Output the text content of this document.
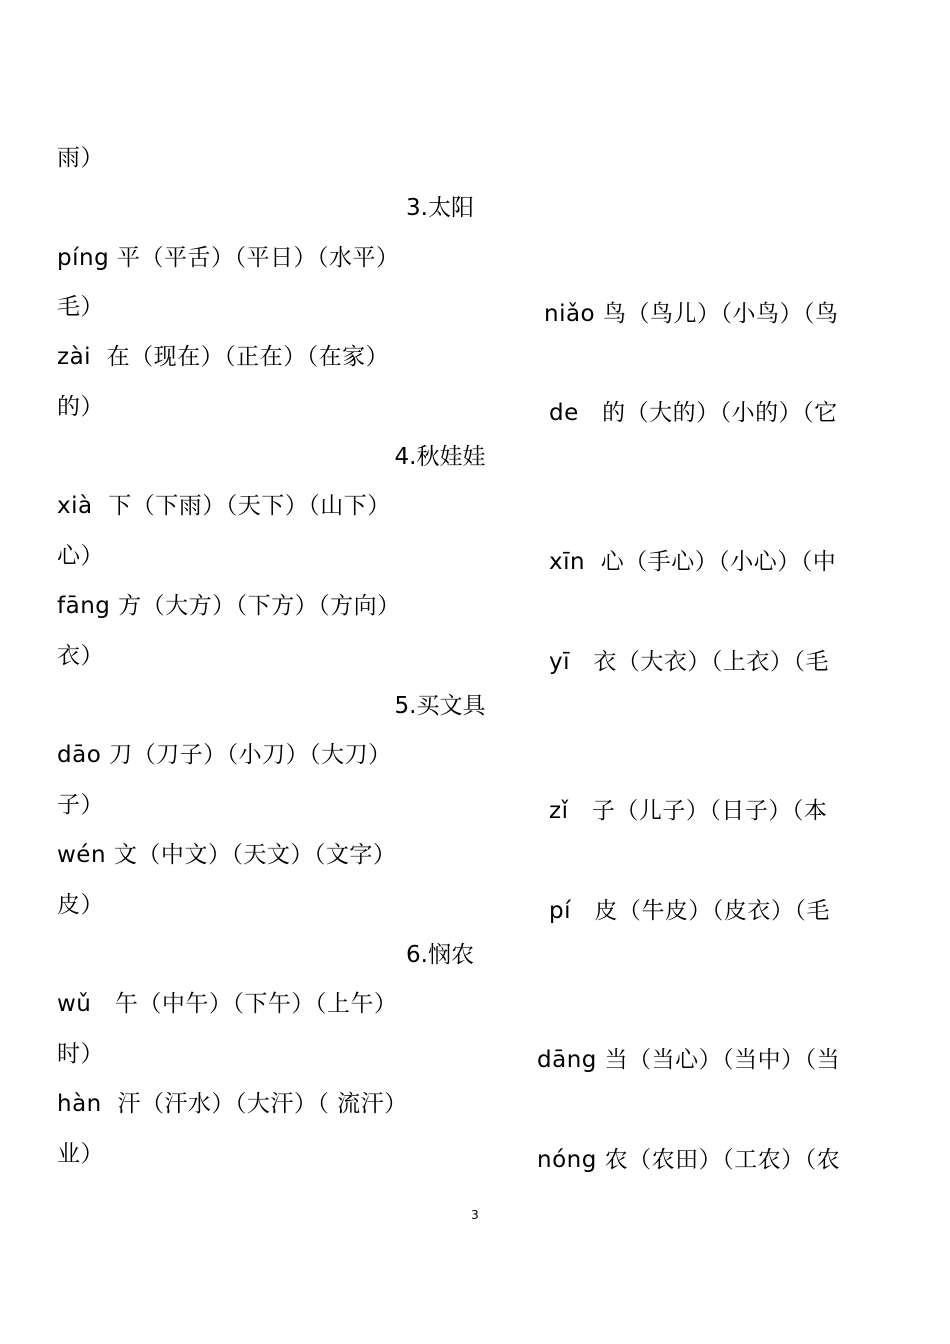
雨）
3.太阳

píng 平（平舌）（平日）（水平）

niǎo 鸟（鸟儿）（小鸟）（鸟

毛）

zài  在（现在）（正在）（在家）

de   的（大的）（小的）（它

的）
4.秋娃娃

xià  下（下雨）（天下）（山下）

xīn  心（手心）（小心）（中

心）

fāng 方（大方）（下方）（方向）

yī   衣（大衣）（上衣）（毛

衣）
5.买文具

dāo 刀（刀子）（小刀）（大刀）

zǐ   子（儿子）（日子）（本

子）

wén 文（中文）（天文）（文字）

pí   皮（牛皮）（皮衣）（毛

皮）
6.悯农

wǔ   午（中午）（下午）（上午）

dāng 当（当心）（当中）（当

时）

hàn  汗（汗水）（大汗）（ 流汗）

nóng 农（农田）（工农）（农

业）
3
